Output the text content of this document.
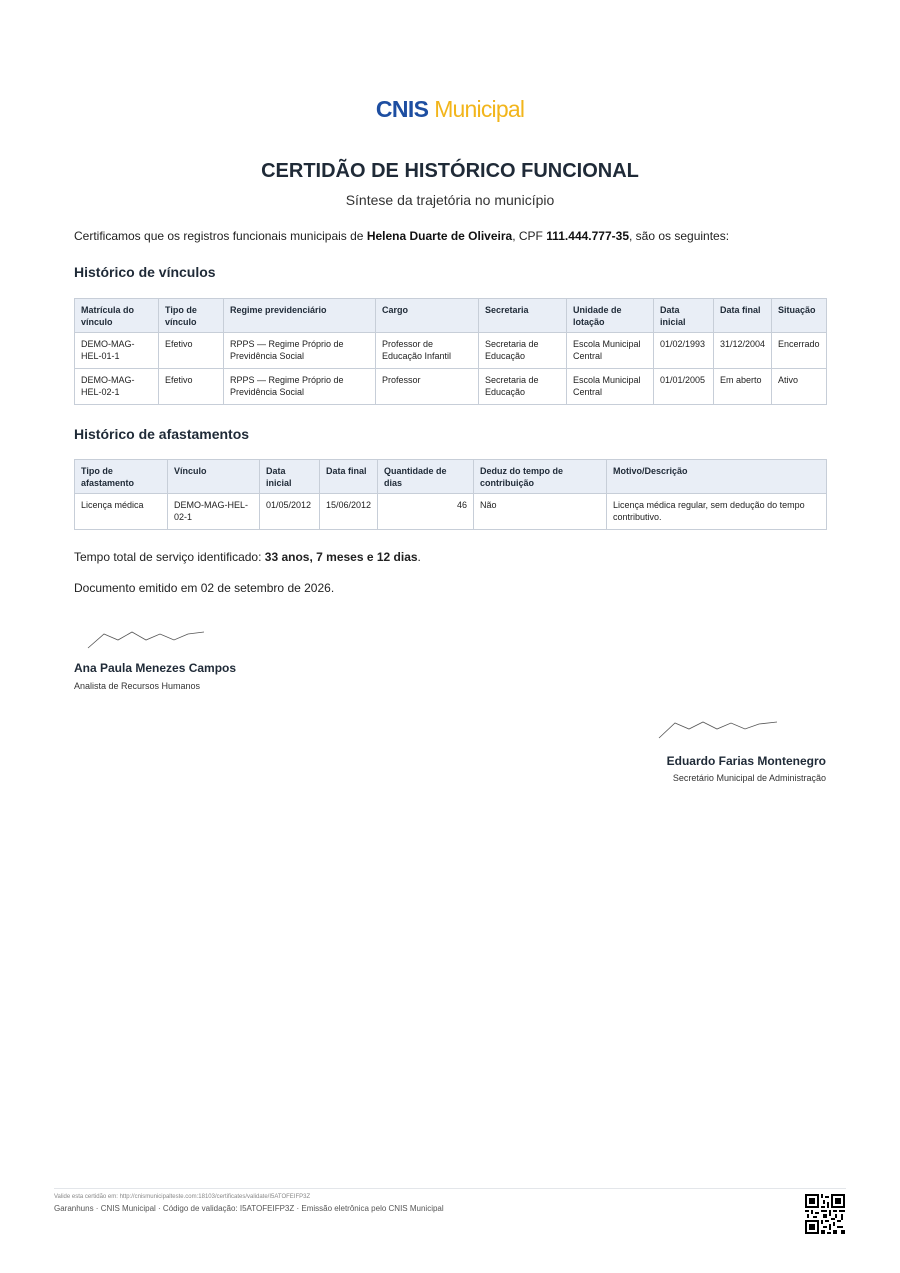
CNIS Municipal
CERTIDÃO DE HISTÓRICO FUNCIONAL
Síntese da trajetória no município
Certificamos que os registros funcionais municipais de Helena Duarte de Oliveira, CPF 111.444.777-35, são os seguintes:
Histórico de vínculos
Matrícula do vínculo	Tipo de vínculo	Regime previdenciário	Cargo	Secretaria	Unidade de lotação	Data inicial	Data final	Situação
DEMO-MAG-HEL-01-1	Efetivo	RPPS — Regime Próprio de Previdência Social	Professor de Educação Infantil	Secretaria de Educação	Escola Municipal Central	01/02/1993	31/12/2004	Encerrado
DEMO-MAG-HEL-02-1	Efetivo	RPPS — Regime Próprio de Previdência Social	Professor	Secretaria de Educação	Escola Municipal Central	01/01/2005	Em aberto	Ativo
Histórico de afastamentos
Tipo de afastamento	Vínculo	Data inicial	Data final	Quantidade de dias	Deduz do tempo de contribuição	Motivo/Descrição
Licença médica	DEMO-MAG-HEL-02-1	01/05/2012	15/06/2012	46	Não	Licença médica regular, sem dedução do tempo contributivo.
Tempo total de serviço identificado: 33 anos, 7 meses e 12 dias.
Documento emitido em 02 de setembro de 2026.
Ana Paula Menezes Campos
Analista de Recursos Humanos
Eduardo Farias Montenegro
Secretário Municipal de Administração
Valide esta certidão em: http://cnismunicipalteste.com:18103/certificates/validate/I5ATOFEIFP3Z
Garanhuns · CNIS Municipal · Código de validação: I5ATOFEIFP3Z · Emissão eletrônica pelo CNIS Municipal
